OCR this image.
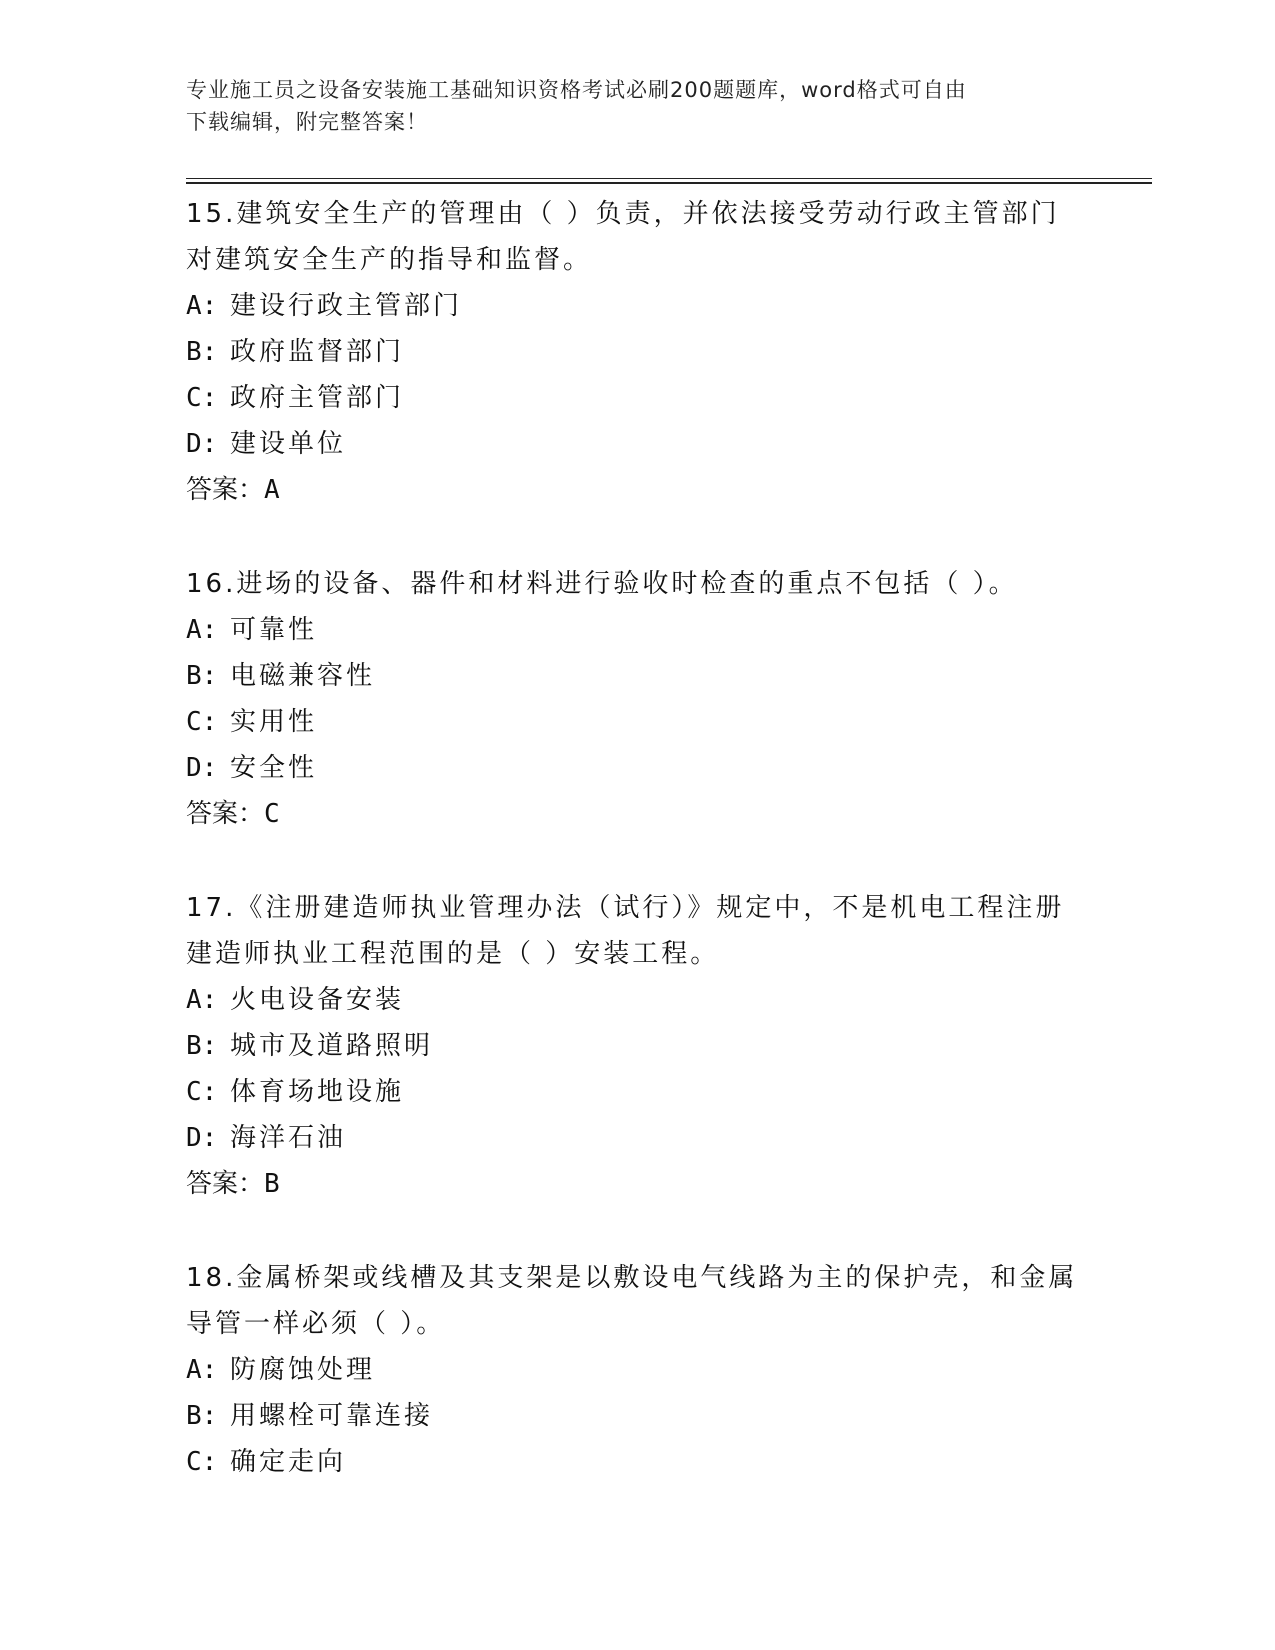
专业施工员之设备安装施工基础知识资格考试必刷200题题库，word格式可自由
下载编辑，附完整答案！

15.建筑安全生产的管理由（ ）负责，并依法接受劳动行政主管部门

对建筑安全生产的指导和监督。

A: 建设行政主管部门

B: 政府监督部门

C: 政府主管部门

D: 建设单位

答案：A

16.进场的设备、器件和材料进行验收时检查的重点不包括（ ）。

A: 可靠性

B: 电磁兼容性

C: 实用性

D: 安全性

答案：C

17.《注册建造师执业管理办法（试行）》规定中，不是机电工程注册

建造师执业工程范围的是（ ）安装工程。

A: 火电设备安装

B: 城市及道路照明

C: 体育场地设施

D: 海洋石油

答案：B

18.金属桥架或线槽及其支架是以敷设电气线路为主的保护壳，和金属

导管一样必须（ ）。

A: 防腐蚀处理

B: 用螺栓可靠连接

C: 确定走向
